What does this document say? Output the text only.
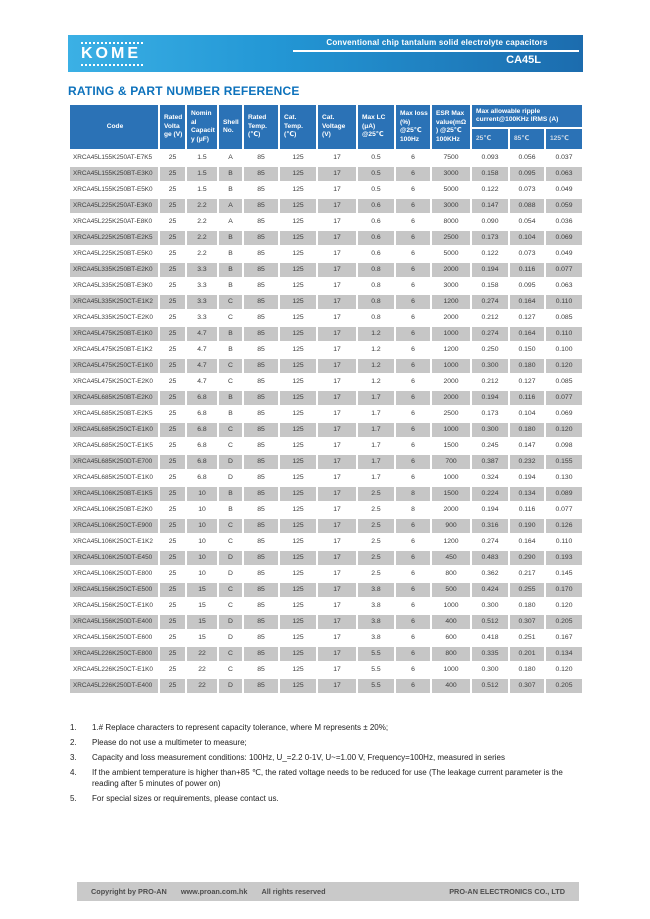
KOME
Conventional chip tantalum solid electrolyte capacitors
CA45L
RATING & PART NUMBER REFERENCE
Code	Rated Voltage (V)	Nominal Capacity (μF)	Shell No.	Rated Temp. (℃)	Cat. Temp. (℃)	Cat. Voltage (V)	Max LC (μA) @25℃	Max loss (%) @25℃ 100Hz	ESR Max value(mΩ) @25℃ 100KHz	Max allowable ripple current@100KHz IRMS (A)		
										25℃	85℃	125℃
XRCA45L155K250AT-E7K5	25	1.5	A	85	125	17	0.5	6	7500	0.093	0.056	0.037
XRCA45L155K250BT-E3K0	25	1.5	B	85	125	17	0.5	6	3000	0.158	0.095	0.063
XRCA45L155K250BT-E5K0	25	1.5	B	85	125	17	0.5	6	5000	0.122	0.073	0.049
XRCA45L225K250AT-E3K0	25	2.2	A	85	125	17	0.6	6	3000	0.147	0.088	0.059
XRCA45L225K250AT-E8K0	25	2.2	A	85	125	17	0.6	6	8000	0.090	0.054	0.036
XRCA45L225K250BT-E2K5	25	2.2	B	85	125	17	0.6	6	2500	0.173	0.104	0.069
XRCA45L225K250BT-E5K0	25	2.2	B	85	125	17	0.6	6	5000	0.122	0.073	0.049
XRCA45L335K250BT-E2K0	25	3.3	B	85	125	17	0.8	6	2000	0.194	0.116	0.077
XRCA45L335K250BT-E3K0	25	3.3	B	85	125	17	0.8	6	3000	0.158	0.095	0.063
XRCA45L335K250CT-E1K2	25	3.3	C	85	125	17	0.8	6	1200	0.274	0.164	0.110
XRCA45L335K250CT-E2K0	25	3.3	C	85	125	17	0.8	6	2000	0.212	0.127	0.085
XRCA45L475K250BT-E1K0	25	4.7	B	85	125	17	1.2	6	1000	0.274	0.164	0.110
XRCA45L475K250BT-E1K2	25	4.7	B	85	125	17	1.2	6	1200	0.250	0.150	0.100
XRCA45L475K250CT-E1K0	25	4.7	C	85	125	17	1.2	6	1000	0.300	0.180	0.120
XRCA45L475K250CT-E2K0	25	4.7	C	85	125	17	1.2	6	2000	0.212	0.127	0.085
XRCA45L685K250BT-E2K0	25	6.8	B	85	125	17	1.7	6	2000	0.194	0.116	0.077
XRCA45L685K250BT-E2K5	25	6.8	B	85	125	17	1.7	6	2500	0.173	0.104	0.069
XRCA45L685K250CT-E1K0	25	6.8	C	85	125	17	1.7	6	1000	0.300	0.180	0.120
XRCA45L685K250CT-E1K5	25	6.8	C	85	125	17	1.7	6	1500	0.245	0.147	0.098
XRCA45L685K250DT-E700	25	6.8	D	85	125	17	1.7	6	700	0.387	0.232	0.155
XRCA45L685K250DT-E1K0	25	6.8	D	85	125	17	1.7	6	1000	0.324	0.194	0.130
XRCA45L106K250BT-E1K5	25	10	B	85	125	17	2.5	8	1500	0.224	0.134	0.089
XRCA45L106K250BT-E2K0	25	10	B	85	125	17	2.5	8	2000	0.194	0.116	0.077
XRCA45L106K250CT-E900	25	10	C	85	125	17	2.5	6	900	0.316	0.190	0.126
XRCA45L106K250CT-E1K2	25	10	C	85	125	17	2.5	6	1200	0.274	0.164	0.110
XRCA45L106K250DT-E450	25	10	D	85	125	17	2.5	6	450	0.483	0.290	0.193
XRCA45L106K250DT-E800	25	10	D	85	125	17	2.5	6	800	0.362	0.217	0.145
XRCA45L156K250CT-E500	25	15	C	85	125	17	3.8	6	500	0.424	0.255	0.170
XRCA45L156K250CT-E1K0	25	15	C	85	125	17	3.8	6	1000	0.300	0.180	0.120
XRCA45L156K250DT-E400	25	15	D	85	125	17	3.8	6	400	0.512	0.307	0.205
XRCA45L156K250DT-E600	25	15	D	85	125	17	3.8	6	600	0.418	0.251	0.167
XRCA45L226K250CT-E800	25	22	C	85	125	17	5.5	6	800	0.335	0.201	0.134
XRCA45L226K250CT-E1K0	25	22	C	85	125	17	5.5	6	1000	0.300	0.180	0.120
XRCA45L226K250DT-E400	25	22	D	85	125	17	5.5	6	400	0.512	0.307	0.205
1.	1.# Replace characters to represent capacity tolerance, where M represents ± 20%;
2.	Please do not use a multimeter to measure;
3.	Capacity and loss measurement conditions: 100Hz, U_=2.2 0-1V, U~=1.00 V, Frequency=100Hz, measured in series
4.	If the ambient temperature is higher than+85 ℃, the rated voltage needs to be reduced for use (The leakage current parameter is the reading after 5 minutes of power on)
5.	For special sizes or requirements, please contact us.
Copyright by PRO-AN www.proan.com.hk All rights reserved	PRO-AN ELECTRONICS CO., LTD
